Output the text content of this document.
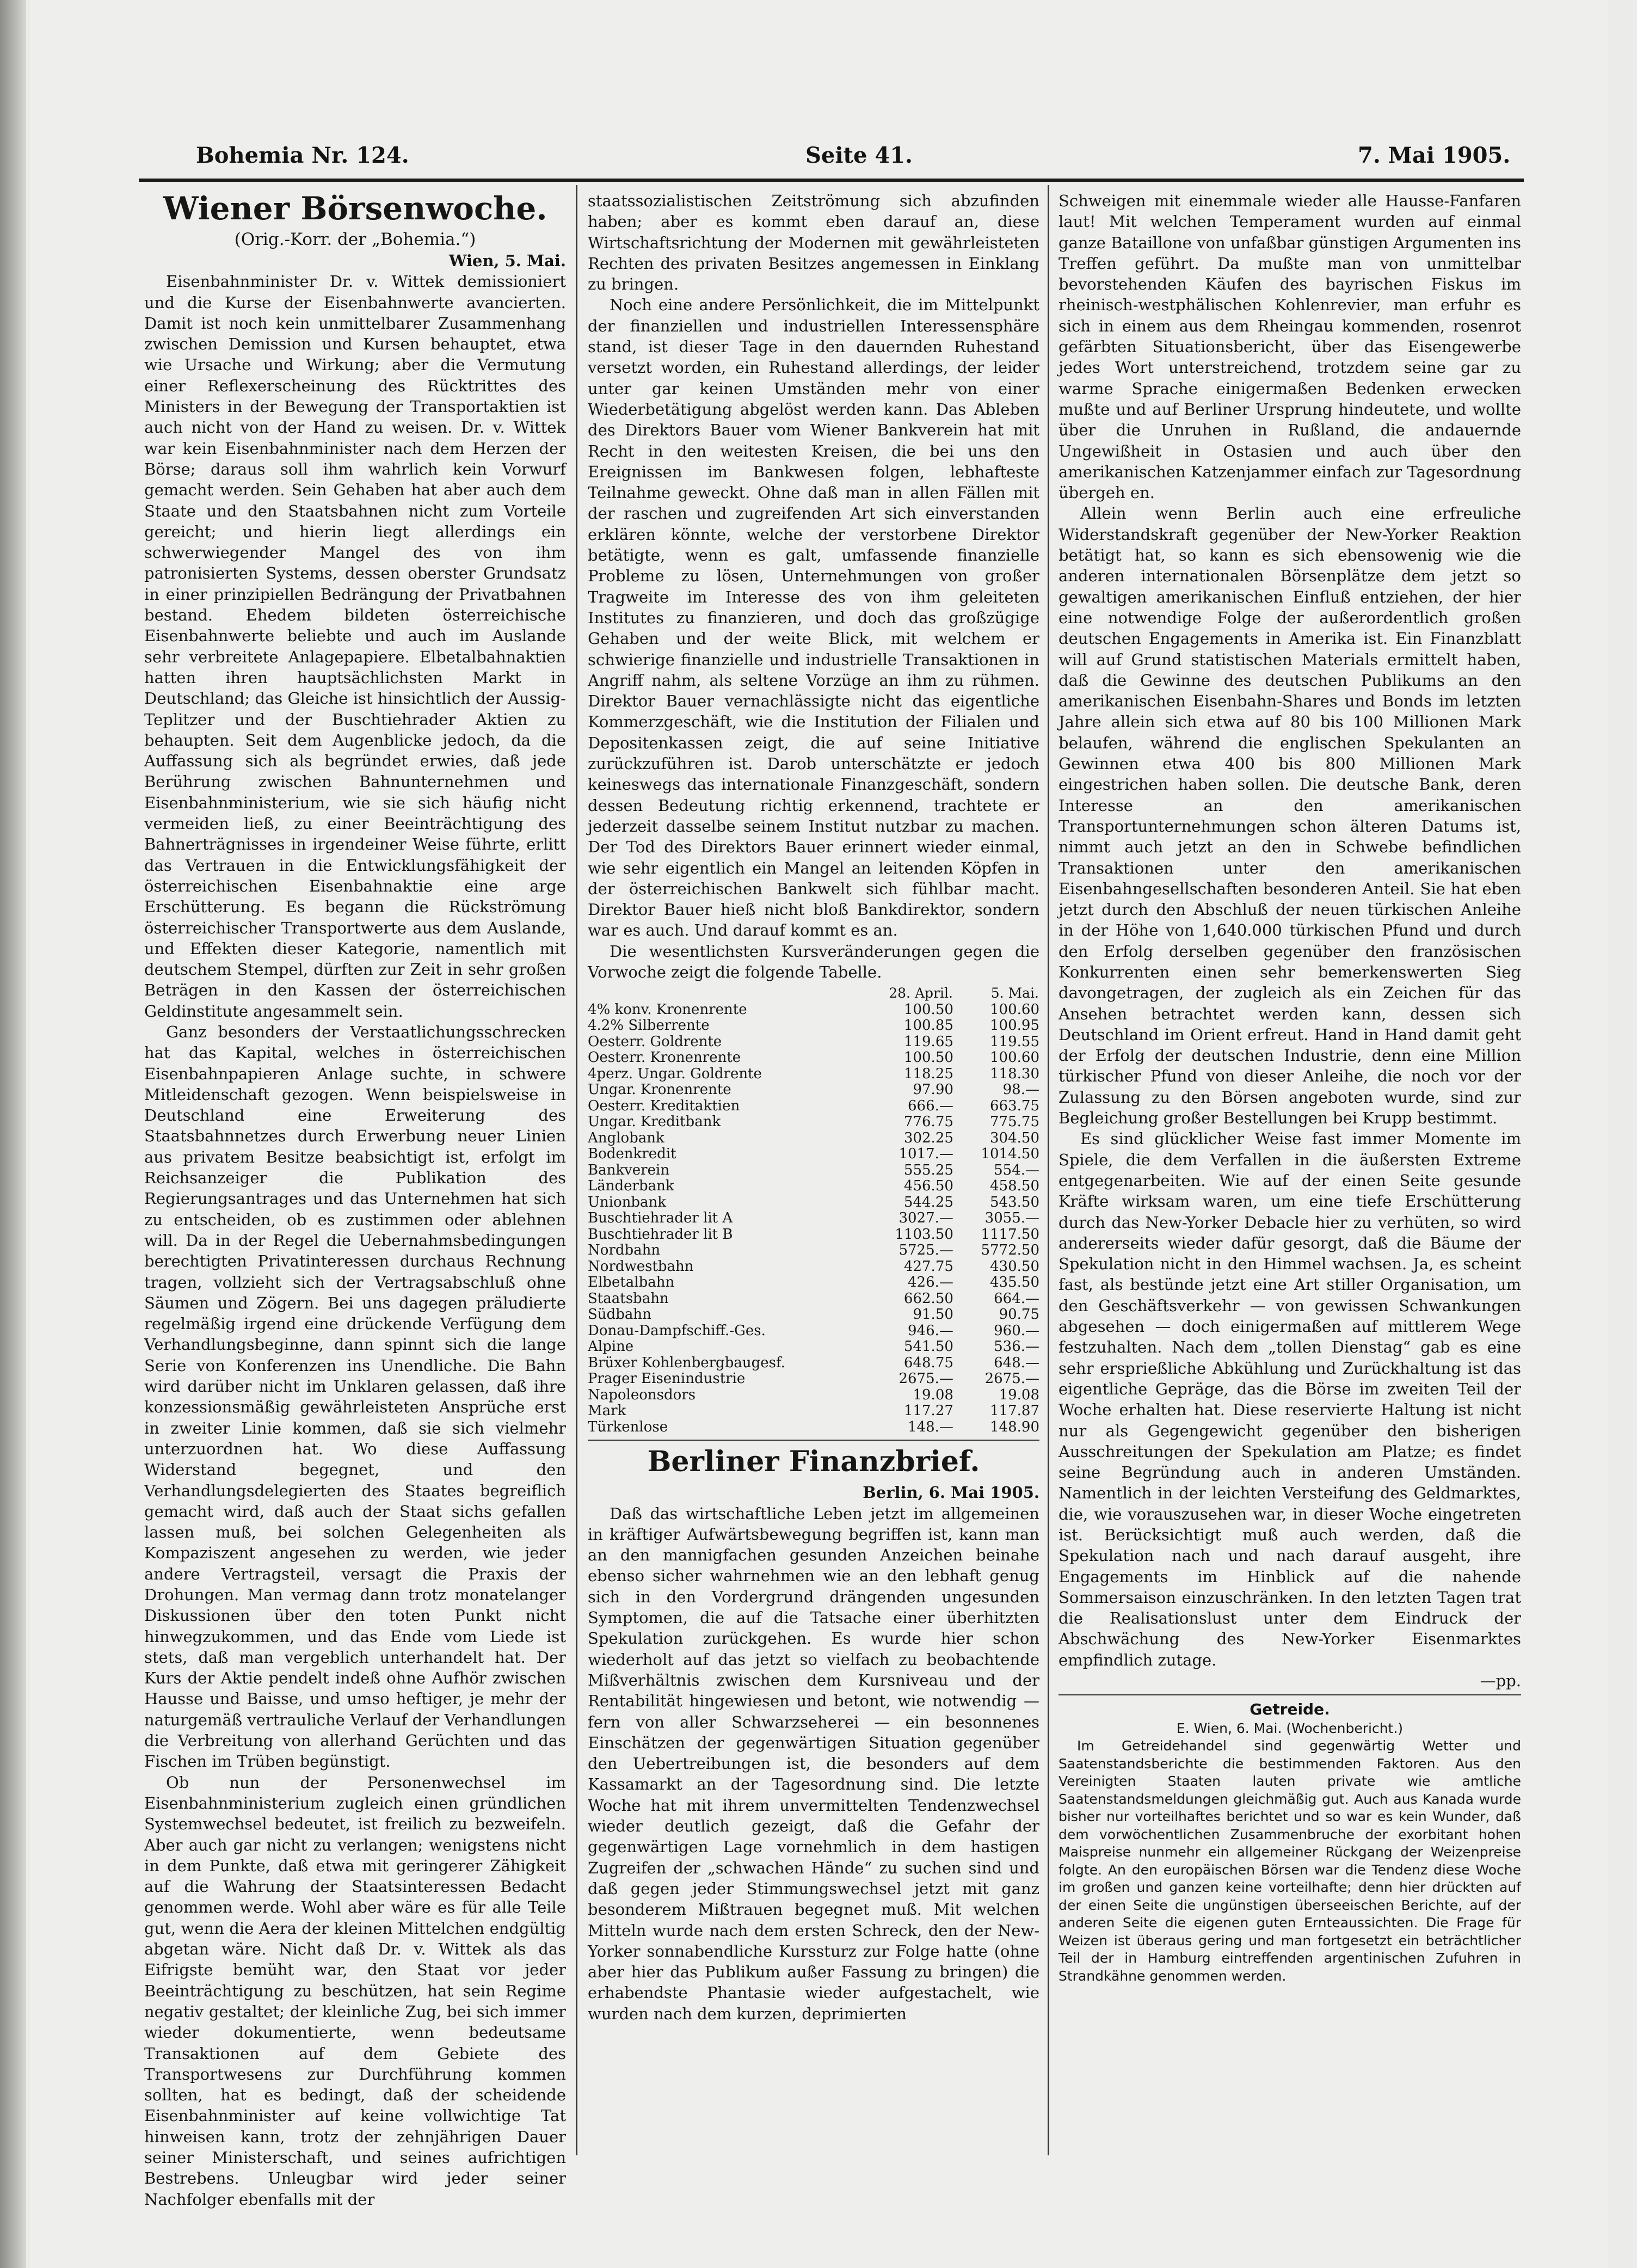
Bohemia Nr. 124.	Seite 41.	7. Mai 1905.
Wiener Börsenwoche.

(Orig.-Korr. der „Bohemia.“)

Wien, 5. Mai.

Eisenbahnminister Dr. v. Wittek demissioniert und die Kurse der Eisenbahnwerte avancierten. Damit ist noch kein unmittelbarer Zusammenhang zwischen Demission und Kursen behauptet, etwa wie Ursache und Wirkung; aber die Vermutung einer Reflexerscheinung des Rücktrittes des Ministers in der Bewegung der Transportaktien ist auch nicht von der Hand zu weisen. Dr. v. Wittek war kein Eisenbahnminister nach dem Herzen der Börse; daraus soll ihm wahrlich kein Vorwurf gemacht werden. Sein Gehaben hat aber auch dem Staate und den Staatsbahnen nicht zum Vorteile gereicht; und hierin liegt allerdings ein schwerwiegender Mangel des von ihm patronisierten Systems, dessen oberster Grundsatz in einer prinzipiellen Bedrängung der Privatbahnen bestand. Ehedem bildeten österreichische Eisenbahnwerte beliebte und auch im Auslande sehr verbreitete Anlagepapiere. Elbetalbahnaktien hatten ihren hauptsächlichsten Markt in Deutschland; das Gleiche ist hinsichtlich der Aussig-Teplitzer und der Buschtiehrader Aktien zu behaupten. Seit dem Augenblicke jedoch, da die Auffassung sich als begründet erwies, daß jede Berührung zwischen Bahnunternehmen und Eisenbahnministerium, wie sie sich häufig nicht vermeiden ließ, zu einer Beeinträchtigung des Bahnerträgnisses in irgendeiner Weise führte, erlitt das Vertrauen in die Entwicklungsfähigkeit der österreichischen Eisenbahnaktie eine arge Erschütterung. Es begann die Rückströmung österreichischer Transportwerte aus dem Auslande, und Effekten dieser Kategorie, namentlich mit deutschem Stempel, dürften zur Zeit in sehr großen Beträgen in den Kassen der österreichischen Geldinstitute angesammelt sein.

Ganz besonders der Verstaatlichungsschrecken hat das Kapital, welches in österreichischen Eisenbahnpapieren Anlage suchte, in schwere Mitleidenschaft gezogen. Wenn beispielsweise in Deutschland eine Erweiterung des Staatsbahnnetzes durch Erwerbung neuer Linien aus privatem Besitze beabsichtigt ist, erfolgt im Reichsanzeiger die Publikation des Regierungsantrages und das Unternehmen hat sich zu entscheiden, ob es zustimmen oder ablehnen will. Da in der Regel die Uebernahmsbedingungen berechtigten Privatinteressen durchaus Rechnung tragen, vollzieht sich der Vertragsabschluß ohne Säumen und Zögern. Bei uns dagegen präludierte regelmäßig irgend eine drückende Verfügung dem Verhandlungsbeginne, dann spinnt sich die lange Serie von Konferenzen ins Unendliche. Die Bahn wird darüber nicht im Unklaren gelassen, daß ihre konzessionsmäßig gewährleisteten Ansprüche erst in zweiter Linie kommen, daß sie sich vielmehr unterzuordnen hat. Wo diese Auffassung Widerstand begegnet, und den Verhandlungsdelegierten des Staates begreiflich gemacht wird, daß auch der Staat sichs gefallen lassen muß, bei solchen Gelegenheiten als Kompaziszent angesehen zu werden, wie jeder andere Vertragsteil, versagt die Praxis der Drohungen. Man vermag dann trotz monatelanger Diskussionen über den toten Punkt nicht hinwegzukommen, und das Ende vom Liede ist stets, daß man vergeblich unterhandelt hat. Der Kurs der Aktie pendelt indeß ohne Aufhör zwischen Hausse und Baisse, und umso heftiger, je mehr der naturgemäß vertrauliche Verlauf der Verhandlungen die Verbreitung von allerhand Gerüchten und das Fischen im Trüben begünstigt.

Ob nun der Personenwechsel im Eisenbahnministerium zugleich einen gründlichen Systemwechsel bedeutet, ist freilich zu bezweifeln. Aber auch gar nicht zu verlangen; wenigstens nicht in dem Punkte, daß etwa mit geringerer Zähigkeit auf die Wahrung der Staatsinteressen Bedacht genommen werde. Wohl aber wäre es für alle Teile gut, wenn die Aera der kleinen Mittelchen endgültig abgetan wäre. Nicht daß Dr. v. Wittek als das Eifrigste bemüht war, den Staat vor jeder Beeinträchtigung zu beschützen, hat sein Regime negativ gestaltet; der kleinliche Zug, bei sich immer wieder dokumentierte, wenn bedeutsame Transaktionen auf dem Gebiete des Transportwesens zur Durchführung kommen sollten, hat es bedingt, daß der scheidende Eisenbahnminister auf keine vollwichtige Tat hinweisen kann, trotz der zehnjährigen Dauer seiner Ministerschaft, und seines aufrichtigen Bestrebens. Unleugbar wird jeder seiner Nachfolger ebenfalls mit der

staatssozialistischen Zeitströmung sich abzufinden haben; aber es kommt eben darauf an, diese Wirtschaftsrichtung der Modernen mit gewährleisteten Rechten des privaten Besitzes angemessen in Einklang zu bringen.

Noch eine andere Persönlichkeit, die im Mittelpunkt der finanziellen und industriellen Interessensphäre stand, ist dieser Tage in den dauernden Ruhestand versetzt worden, ein Ruhestand allerdings, der leider unter gar keinen Umständen mehr von einer Wiederbetätigung abgelöst werden kann. Das Ableben des Direktors Bauer vom Wiener Bankverein hat mit Recht in den weitesten Kreisen, die bei uns den Ereignissen im Bankwesen folgen, lebhafteste Teilnahme geweckt. Ohne daß man in allen Fällen mit der raschen und zugreifenden Art sich einverstanden erklären könnte, welche der verstorbene Direktor betätigte, wenn es galt, umfassende finanzielle Probleme zu lösen, Unternehmungen von großer Tragweite im Interesse des von ihm geleiteten Institutes zu finanzieren, und doch das großzügige Gehaben und der weite Blick, mit welchem er schwierige finanzielle und industrielle Transaktionen in Angriff nahm, als seltene Vorzüge an ihm zu rühmen. Direktor Bauer vernachlässigte nicht das eigentliche Kommerzgeschäft, wie die Institution der Filialen und Depositenkassen zeigt, die auf seine Initiative zurückzuführen ist. Darob unterschätzte er jedoch keineswegs das internationale Finanzgeschäft, sondern dessen Bedeutung richtig erkennend, trachtete er jederzeit dasselbe seinem Institut nutzbar zu machen. Der Tod des Direktors Bauer erinnert wieder einmal, wie sehr eigentlich ein Mangel an leitenden Köpfen in der österreichischen Bankwelt sich fühlbar macht. Direktor Bauer hieß nicht bloß Bankdirektor, sondern war es auch. Und darauf kommt es an.

Die wesentlichsten Kursveränderungen gegen die Vorwoche zeigt die folgende Tabelle.

	28. April.	5. Mai.
4% konv. Kronenrente	100.50	100.60
4.2% Silberrente	100.85	100.95
Oesterr. Goldrente	119.65	119.55
Oesterr. Kronenrente	100.50	100.60
4perz. Ungar. Goldrente	118.25	118.30
Ungar. Kronenrente	97.90	98.—
Oesterr. Kreditaktien	666.—	663.75
Ungar. Kreditbank	776.75	775.75
Anglobank	302.25	304.50
Bodenkredit	1017.—	1014.50
Bankverein	555.25	554.—
Länderbank	456.50	458.50
Unionbank	544.25	543.50
Buschtiehrader lit A	3027.—	3055.—
Buschtiehrader lit B	1103.50	1117.50
Nordbahn	5725.—	5772.50
Nordwestbahn	427.75	430.50
Elbetalbahn	426.—	435.50
Staatsbahn	662.50	664.—
Südbahn	91.50	90.75
Donau-Dampfschiff.-Ges.	946.—	960.—
Alpine	541.50	536.—
Brüxer Kohlenbergbaugesf.	648.75	648.—
Prager Eisenindustrie	2675.—	2675.—
Napoleonsdors	19.08	19.08
Mark	117.27	117.87
Türkenlose	148.—	148.90
Berliner Finanzbrief.

Berlin, 6. Mai 1905.

Daß das wirtschaftliche Leben jetzt im allgemeinen in kräftiger Aufwärtsbewegung begriffen ist, kann man an den mannigfachen gesunden Anzeichen beinahe ebenso sicher wahrnehmen wie an den lebhaft genug sich in den Vordergrund drängenden ungesunden Symptomen, die auf die Tatsache einer überhitzten Spekulation zurückgehen. Es wurde hier schon wiederholt auf das jetzt so vielfach zu beobachtende Mißverhältnis zwischen dem Kursniveau und der Rentabilität hingewiesen und betont, wie notwendig — fern von aller Schwarzseherei — ein besonnenes Einschätzen der gegenwärtigen Situation gegenüber den Uebertreibungen ist, die besonders auf dem Kassamarkt an der Tagesordnung sind. Die letzte Woche hat mit ihrem unvermittelten Tendenzwechsel wieder deutlich gezeigt, daß die Gefahr der gegenwärtigen Lage vornehmlich in dem hastigen Zugreifen der „schwachen Hände“ zu suchen sind und daß gegen jeder Stimmungswechsel jetzt mit ganz besonderem Mißtrauen begegnet muß. Mit welchen Mitteln wurde nach dem ersten Schreck, den der New-Yorker sonnabendliche Kurssturz zur Folge hatte (ohne aber hier das Publikum außer Fassung zu bringen) die erhabendste Phantasie wieder aufgestachelt, wie wurden nach dem kurzen, deprimierten

Schweigen mit einemmale wieder alle Hausse-Fanfaren laut! Mit welchen Temperament wurden auf einmal ganze Bataillone von unfaßbar günstigen Argumenten ins Treffen geführt. Da mußte man von unmittelbar bevorstehenden Käufen des bayrischen Fiskus im rheinisch-westphälischen Kohlenrevier, man erfuhr es sich in einem aus dem Rheingau kommenden, rosenrot gefärbten Situationsbericht, über das Eisengewerbe jedes Wort unterstreichend, trotzdem seine gar zu warme Sprache einigermaßen Bedenken erwecken mußte und auf Berliner Ursprung hindeutete, und wollte über die Unruhen in Rußland, die andauernde Ungewißheit in Ostasien und auch über den amerikanischen Katzenjammer einfach zur Tagesordnung übergeh en.

Allein wenn Berlin auch eine erfreuliche Widerstandskraft gegenüber der New-Yorker Reaktion betätigt hat, so kann es sich ebensowenig wie die anderen internationalen Börsenplätze dem jetzt so gewaltigen amerikanischen Einfluß entziehen, der hier eine notwendige Folge der außerordentlich großen deutschen Engagements in Amerika ist. Ein Finanzblatt will auf Grund statistischen Materials ermittelt haben, daß die Gewinne des deutschen Publikums an den amerikanischen Eisenbahn-Shares und Bonds im letzten Jahre allein sich etwa auf 80 bis 100 Millionen Mark belaufen, während die englischen Spekulanten an Gewinnen etwa 400 bis 800 Millionen Mark eingestrichen haben sollen. Die deutsche Bank, deren Interesse an den amerikanischen Transportunternehmungen schon älteren Datums ist, nimmt auch jetzt an den in Schwebe befindlichen Transaktionen unter den amerikanischen Eisenbahngesellschaften besonderen Anteil. Sie hat eben jetzt durch den Abschluß der neuen türkischen Anleihe in der Höhe von 1,640.000 türkischen Pfund und durch den Erfolg derselben gegenüber den französischen Konkurrenten einen sehr bemerkenswerten Sieg davongetragen, der zugleich als ein Zeichen für das Ansehen betrachtet werden kann, dessen sich Deutschland im Orient erfreut. Hand in Hand damit geht der Erfolg der deutschen Industrie, denn eine Million türkischer Pfund von dieser Anleihe, die noch vor der Zulassung zu den Börsen angeboten wurde, sind zur Begleichung großer Bestellungen bei Krupp bestimmt.

Es sind glücklicher Weise fast immer Momente im Spiele, die dem Verfallen in die äußersten Extreme entgegenarbeiten. Wie auf der einen Seite gesunde Kräfte wirksam waren, um eine tiefe Erschütterung durch das New-Yorker Debacle hier zu verhüten, so wird andererseits wieder dafür gesorgt, daß die Bäume der Spekulation nicht in den Himmel wachsen. Ja, es scheint fast, als bestünde jetzt eine Art stiller Organisation, um den Geschäftsverkehr — von gewissen Schwankungen abgesehen — doch einigermaßen auf mittlerem Wege festzuhalten. Nach dem „tollen Dienstag“ gab es eine sehr ersprießliche Abkühlung und Zurückhaltung ist das eigentliche Gepräge, das die Börse im zweiten Teil der Woche erhalten hat. Diese reservierte Haltung ist nicht nur als Gegengewicht gegenüber den bisherigen Ausschreitungen der Spekulation am Platze; es findet seine Begründung auch in anderen Umständen. Namentlich in der leichten Versteifung des Geldmarktes, die, wie vorauszusehen war, in dieser Woche eingetreten ist. Berücksichtigt muß auch werden, daß die Spekulation nach und nach darauf ausgeht, ihre Engagements im Hinblick auf die nahende Sommersaison einzuschränken. In den letzten Tagen trat die Realisationslust unter dem Eindruck der Abschwächung des New-Yorker Eisenmarktes empfindlich zutage.

—pp.

Getreide.

E. Wien, 6. Mai. (Wochenbericht.)

Im Getreidehandel sind gegenwärtig Wetter und Saatenstandsberichte die bestimmenden Faktoren. Aus den Vereinigten Staaten lauten private wie amtliche Saatenstandsmeldungen gleichmäßig gut. Auch aus Kanada wurde bisher nur vorteilhaftes berichtet und so war es kein Wunder, daß dem vorwöchentlichen Zusammenbruche der exorbitant hohen Maispreise nunmehr ein allgemeiner Rückgang der Weizenpreise folgte. An den europäischen Börsen war die Tendenz diese Woche im großen und ganzen keine vorteilhafte; denn hier drückten auf der einen Seite die ungünstigen überseeischen Berichte, auf der anderen Seite die eigenen guten Ernteaussichten. Die Frage für Weizen ist überaus gering und man fortgesetzt ein beträchtlicher Teil der in Hamburg eintreffenden argentinischen Zufuhren in Strandkähne genommen werden.
